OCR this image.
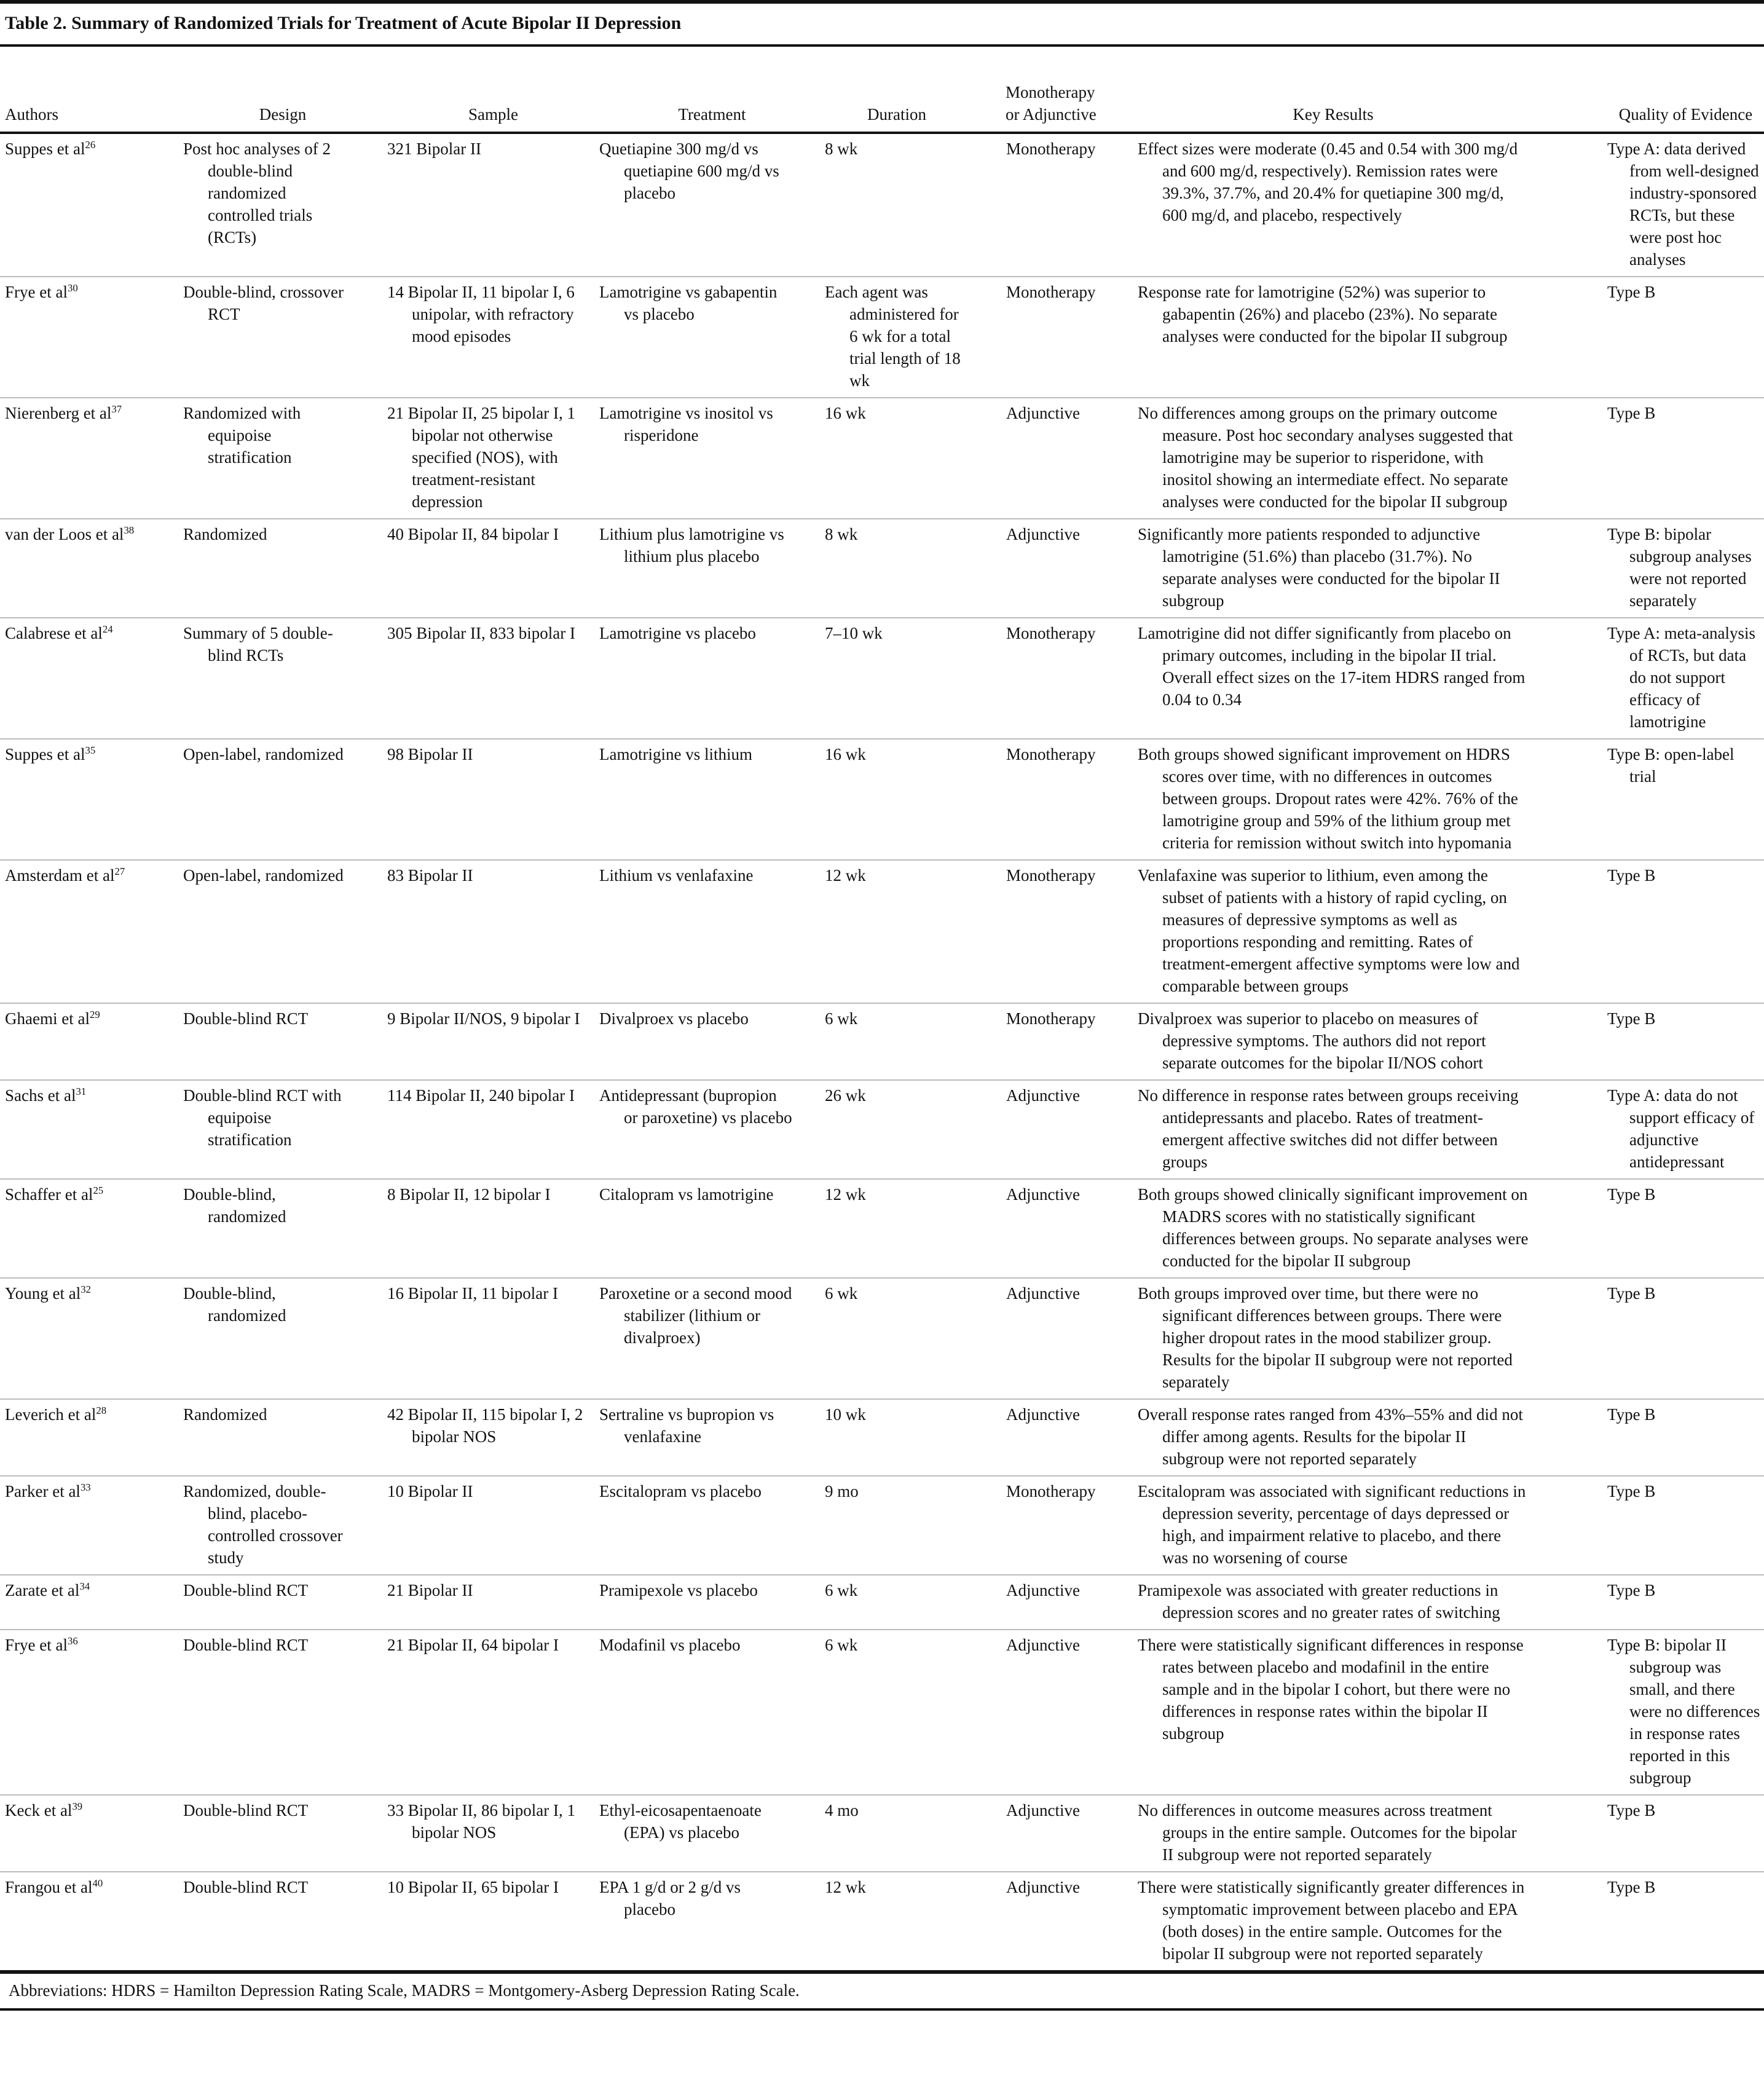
Table 2. Summary of Randomized Trials for Treatment of Acute Bipolar II Depression
Authors	Design	Sample	Treatment	Duration	Monotherapy or Adjunctive	Key Results	Quality of Evidence
Suppes et $al^{26}$	Post hoc analyses of 2 double-blind randomized controlled trials (RCTs)	321 Bipolar II	Quetiapine 300 mg/d vs quetiapine 600 mg/d vs placebo	8 wk	Monotherapy	Effect sizes were moderate (0.45 and 0.54 with 300 mg/d and 600 mg/d, respectively). Remission rates were 39.3%, 37.7%, and 20.4% for quetiapine 300 mg/d, 600 mg/d, and placebo, respectively	Type A: data derived from well-designed industry-sponsored RCTs, but these were post hoc analyses
Frye et $al^{30}$	Double-blind, crossover RCT	14 Bipolar II, 11 bipolar I, 6 unipolar, with refractory mood episodes	Lamotrigine vs gabapentin vs placebo	Each agent was administered for 6 wk for a total trial length of 18 wk	Monotherapy	Response rate for lamotrigine (52%) was superior to gabapentin (26%) and placebo (23%). No separate analyses were conducted for the bipolar II subgroup	Type B
Nierenberg et $al^{37}$	Randomized with equipoise stratification	21 Bipolar II, 25 bipolar I, 1 bipolar not otherwise specified (NOS), with treatment-resistant depression	Lamotrigine vs inositol vs risperidone	16 wk	Adjunctive	No differences among groups on the primary outcome measure. Post hoc secondary analyses suggested that lamotrigine may be superior to risperidone, with inositol showing an intermediate effect. No separate analyses were conducted for the bipolar II subgroup	Type B
van der Loos et $al^{38}$	Randomized	40 Bipolar II, 84 bipolar I	Lithium plus lamotrigine vs lithium plus placebo	8 wk	Adjunctive	Significantly more patients responded to adjunctive lamotrigine (51.6%) than placebo (31.7%). No separate analyses were conducted for the bipolar II subgroup	Type B: bipolar subgroup analyses were not reported separately
Calabrese et $al^{24}$	Summary of 5 double-blind RCTs	305 Bipolar II, 833 bipolar I	Lamotrigine vs placebo	7–10 wk	Monotherapy	Lamotrigine did not differ significantly from placebo on primary outcomes, including in the bipolar II trial. Overall effect sizes on the 17-item HDRS ranged from 0.04 to 0.34	Type A: meta-analysis of RCTs, but data do not support efficacy of lamotrigine
Suppes et $al^{35}$	Open-label, randomized	98 Bipolar II	Lamotrigine vs lithium	16 wk	Monotherapy	Both groups showed significant improvement on HDRS scores over time, with no differences in outcomes between groups. Dropout rates were 42%. 76% of the lamotrigine group and 59% of the lithium group met criteria for remission without switch into hypomania	Type B: open-label trial
Amsterdam et $al^{27}$	Open-label, randomized	83 Bipolar II	Lithium vs venlafaxine	12 wk	Monotherapy	Venlafaxine was superior to lithium, even among the subset of patients with a history of rapid cycling, on measures of depressive symptoms as well as proportions responding and remitting. Rates of treatment-emergent affective symptoms were low and comparable between groups	Type B
Ghaemi et $al^{29}$	Double-blind RCT	9 Bipolar II/NOS, 9 bipolar I	Divalproex vs placebo	6 wk	Monotherapy	Divalproex was superior to placebo on measures of depressive symptoms. The authors did not report separate outcomes for the bipolar II/NOS cohort	Type B
Sachs et $al^{31}$	Double-blind RCT with equipoise stratification	114 Bipolar II, 240 bipolar I	Antidepressant (bupropion or paroxetine) vs placebo	26 wk	Adjunctive	No difference in response rates between groups receiving antidepressants and placebo. Rates of treatment-emergent affective switches did not differ between groups	Type A: data do not support efficacy of adjunctive antidepressant
Schaffer et $al^{25}$	Double-blind, randomized	8 Bipolar II, 12 bipolar I	Citalopram vs lamotrigine	12 wk	Adjunctive	Both groups showed clinically significant improvement on MADRS scores with no statistically significant differences between groups. No separate analyses were conducted for the bipolar II subgroup	Type B
Young et $al^{32}$	Double-blind, randomized	16 Bipolar II, 11 bipolar I	Paroxetine or a second mood stabilizer (lithium or divalproex)	6 wk	Adjunctive	Both groups improved over time, but there were no significant differences between groups. There were higher dropout rates in the mood stabilizer group. Results for the bipolar II subgroup were not reported separately	Type B
Leverich et $al^{28}$	Randomized	42 Bipolar II, 115 bipolar I, 2 bipolar NOS	Sertraline vs bupropion vs venlafaxine	10 wk	Adjunctive	Overall response rates ranged from 43%–55% and did not differ among agents. Results for the bipolar II subgroup were not reported separately	Type B
Parker et $al^{33}$	Randomized, double-blind, placebo-controlled crossover study	10 Bipolar II	Escitalopram vs placebo	9 mo	Monotherapy	Escitalopram was associated with significant reductions in depression severity, percentage of days depressed or high, and impairment relative to placebo, and there was no worsening of course	Type B
Zarate et $al^{34}$	Double-blind RCT	21 Bipolar II	Pramipexole vs placebo	6 wk	Adjunctive	Pramipexole was associated with greater reductions in depression scores and no greater rates of switching	Type B
Frye et $al^{36}$	Double-blind RCT	21 Bipolar II, 64 bipolar I	Modafinil vs placebo	6 wk	Adjunctive	There were statistically significant differences in response rates between placebo and modafinil in the entire sample and in the bipolar I cohort, but there were no differences in response rates within the bipolar II subgroup	Type B: bipolar II subgroup was small, and there were no differences in response rates reported in this subgroup
Keck et $al^{39}$	Double-blind RCT	33 Bipolar II, 86 bipolar I, 1 bipolar NOS	Ethyl-eicosapentaenoate (EPA) vs placebo	4 mo	Adjunctive	No differences in outcome measures across treatment groups in the entire sample. Outcomes for the bipolar II subgroup were not reported separately	Type B
Frangou et $al^{40}$	Double-blind RCT	10 Bipolar II, 65 bipolar I	EPA 1 g/d or 2 g/d vs placebo	12 wk	Adjunctive	There were statistically significantly greater differences in symptomatic improvement between placebo and EPA (both doses) in the entire sample. Outcomes for the bipolar II subgroup were not reported separately	Type B
Abbreviations: HDRS = Hamilton Depression Rating Scale, MADRS = Montgomery-Asberg Depression Rating Scale.
